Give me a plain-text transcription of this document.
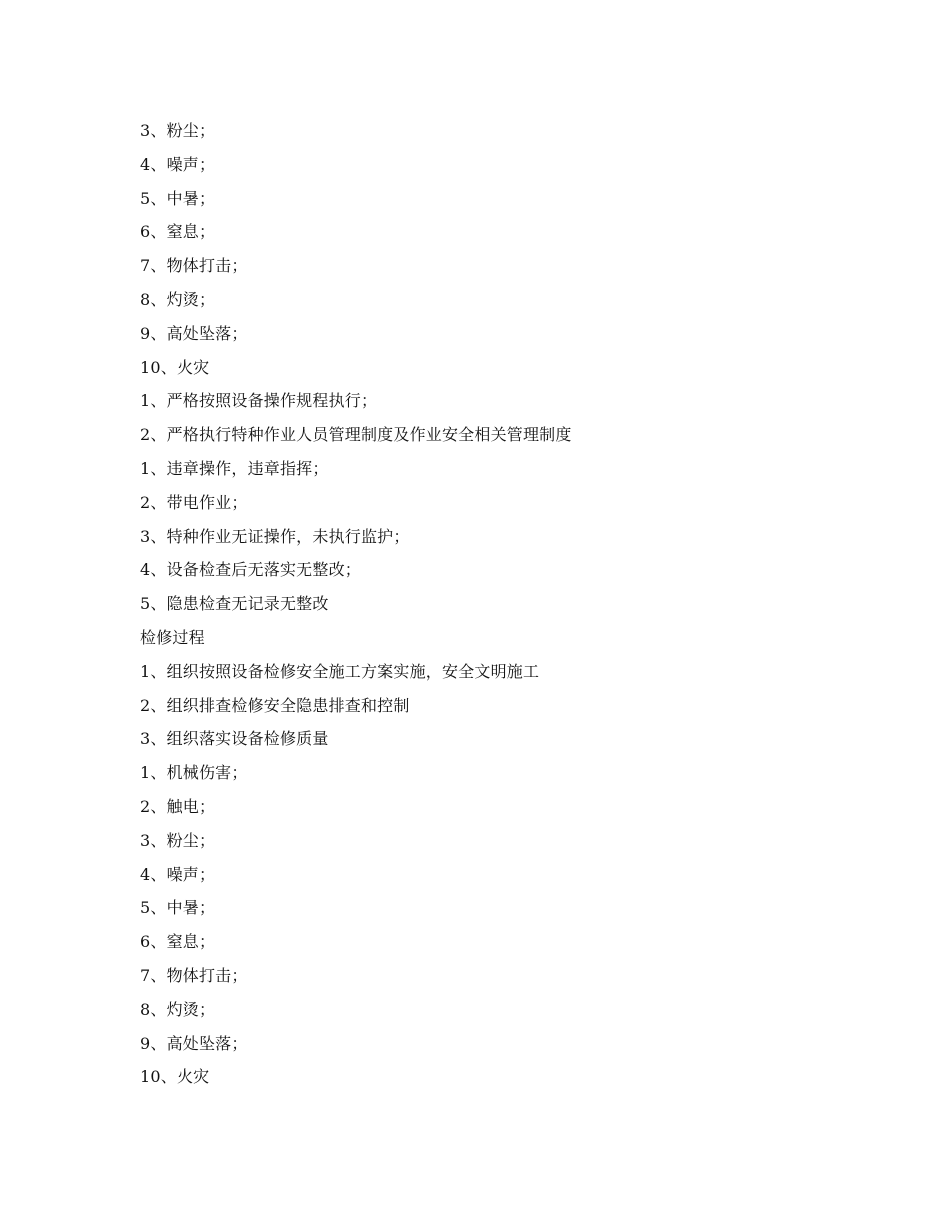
3、粉尘；
4、噪声；
5、中暑；
6、窒息；
7、物体打击；
8、灼烫；
9、高处坠落；
10、火灾
1、严格按照设备操作规程执行；
2、严格执行特种作业人员管理制度及作业安全相关管理制度
1、违章操作，违章指挥；
2、带电作业；
3、特种作业无证操作，未执行监护；
4、设备检查后无落实无整改；
5、隐患检查无记录无整改
检修过程
1、组织按照设备检修安全施工方案实施，安全文明施工
2、组织排查检修安全隐患排查和控制
3、组织落实设备检修质量
1、机械伤害；
2、触电；
3、粉尘；
4、噪声；
5、中暑；
6、窒息；
7、物体打击；
8、灼烫；
9、高处坠落；
10、火灾
